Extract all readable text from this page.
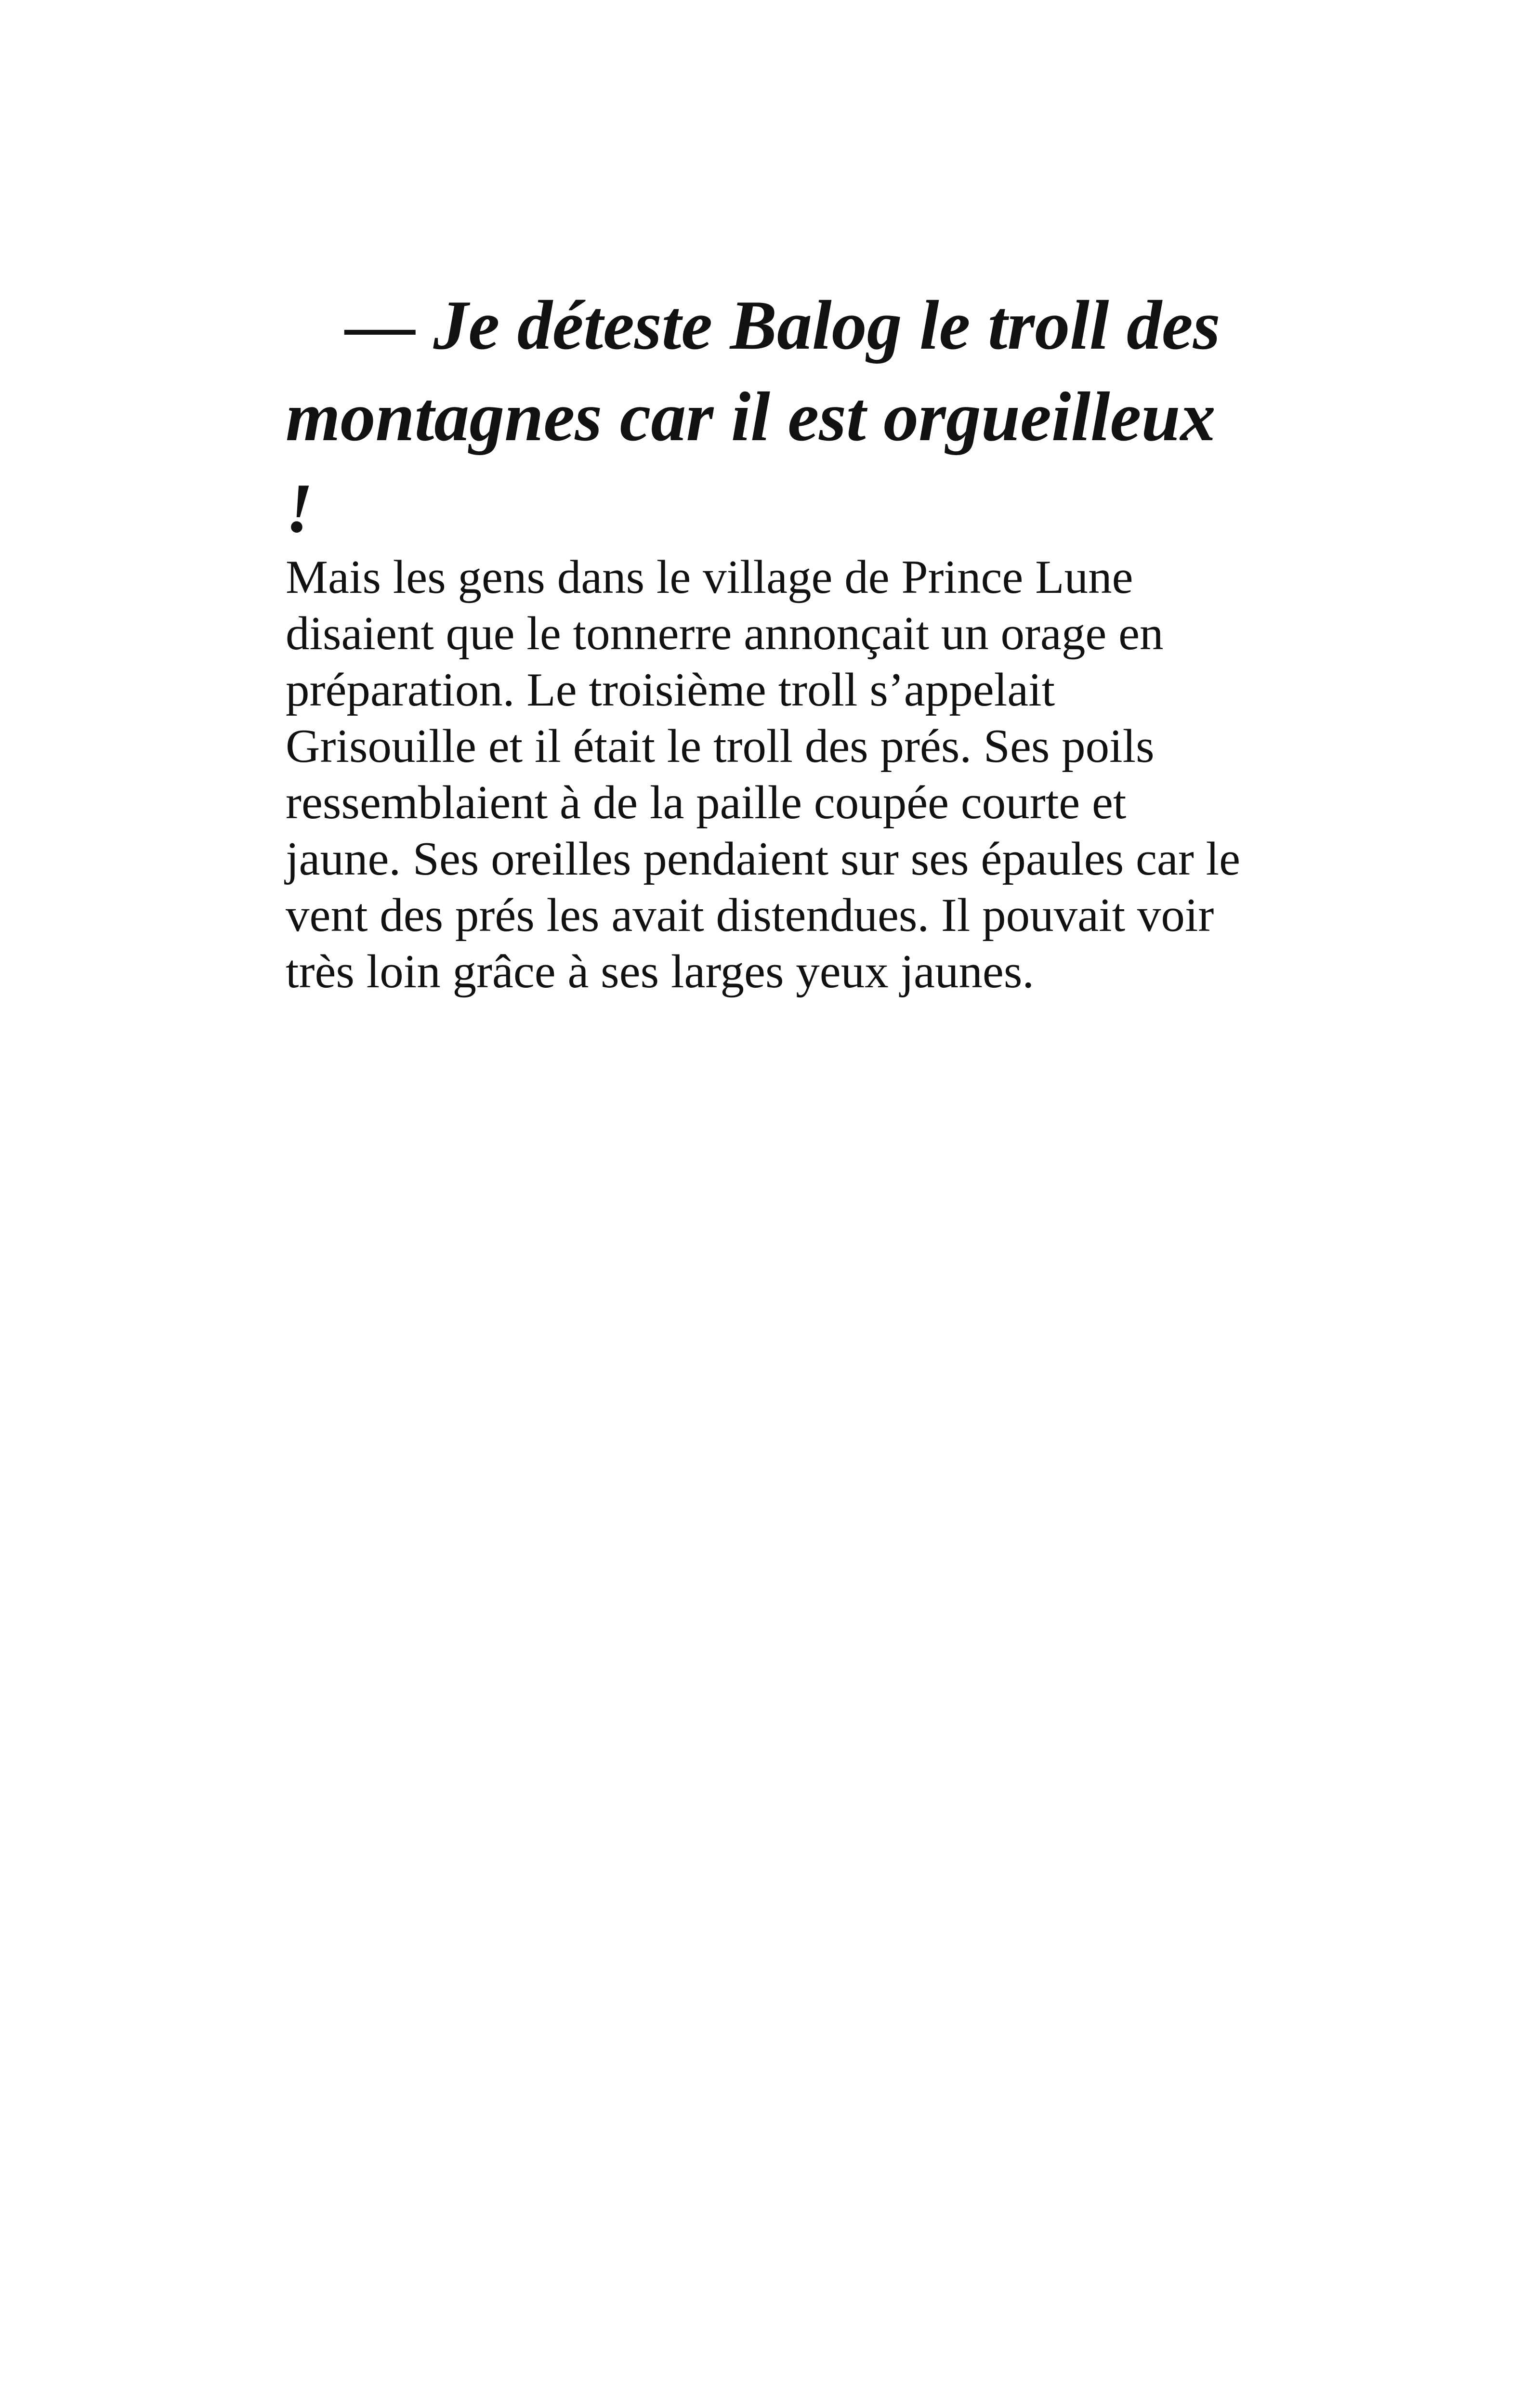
— Je déteste Balog le troll des

montagnes car il est orgueilleux

!

Mais les gens dans le village de Prince Lune

disaient que le tonnerre annonçait un orage en

préparation. Le troisième troll s’appelait

Grisouille et il était le troll des prés. Ses poils

ressemblaient à de la paille coupée courte et

jaune. Ses oreilles pendaient sur ses épaules car le

vent des prés les avait distendues. Il pouvait voir

très loin grâce à ses larges yeux jaunes.
